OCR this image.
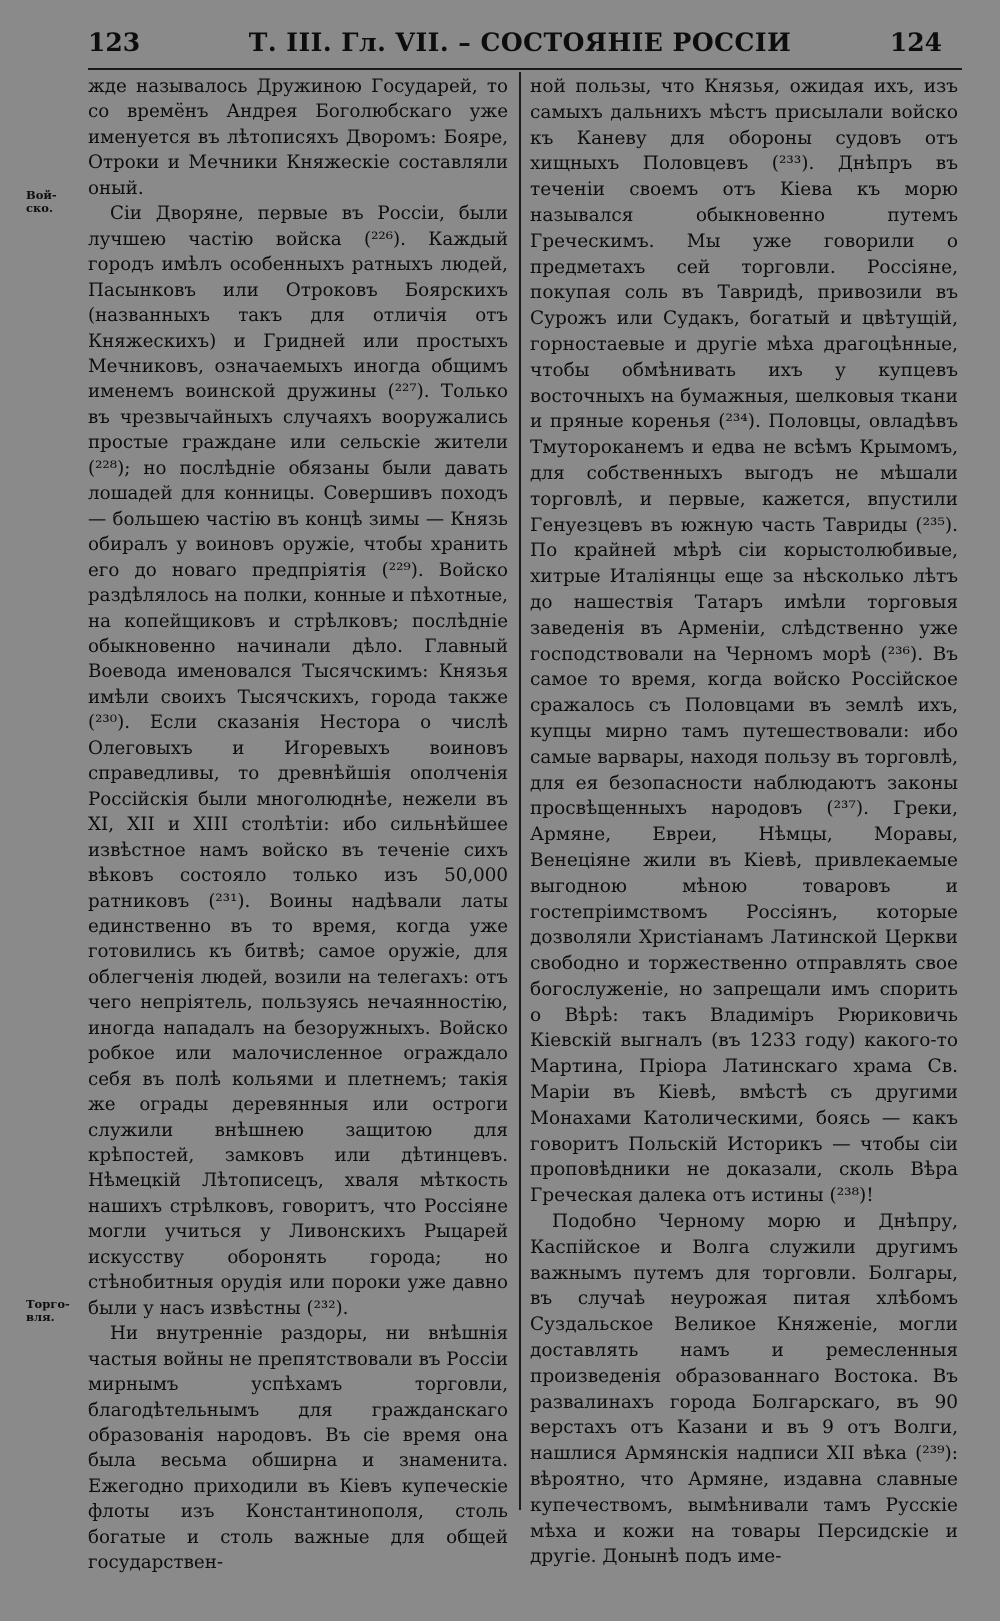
123	Т. III. Гл. VII. – СОСТОЯНІЕ РОССІИ	124
Вой-
ско.
Торго-
вля.

жде называлось Дружиною Государей, то со времёнъ Андрея Боголюбскаго уже именуется въ лѣтописяхъ Дворомъ: Бояре, Отроки и Мечники Княжескіе составляли оный.

Сіи Дворяне, первые въ Россіи, были лучшею частію войска (²²⁶). Каждый городъ имѣлъ особенныхъ ратныхъ людей, Пасынковъ или Отроковъ Боярскихъ (названныхъ такъ для отличія отъ Княжескихъ) и Гридней или простыхъ Мечниковъ, означаемыхъ иногда общимъ именемъ воинской дружины (²²⁷). Только въ чрезвычайныхъ случаяхъ вооружались простые граждане или сельскіе жители (²²⁸); но послѣдніе обязаны были давать лошадей для конницы. Совершивъ походъ — большею частію въ концѣ зимы — Князь обиралъ у воиновъ оружіе, чтобы хранить его до новаго предпріятія (²²⁹). Войско раздѣлялось на полки, конные и пѣхотные, на копейщиковъ и стрѣлковъ; послѣдніе обыкновенно начинали дѣло. Главный Воевода именовался Тысячскимъ: Князья имѣли своихъ Тысячскихъ, города также (²³⁰). Если сказанія Нестора о числѣ Олеговыхъ и Игоревыхъ воиновъ справедливы, то древнѣйшія ополченія Россійскія были многолюднѣе, нежели въ XI, XII и XIII столѣтіи: ибо сильнѣйшее извѣстное намъ войско въ теченіе сихъ вѣковъ состояло только изъ 50,000 ратниковъ (²³¹). Воины надѣвали латы единственно въ то время, когда уже готовились къ битвѣ; самое оружіе, для облегченія людей, возили на телегахъ: отъ чего непріятель, пользуясь нечаянностію, иногда нападалъ на безоружныхъ. Войско робкое или малочисленное ограждало себя въ полѣ кольями и плетнемъ; такія же ограды деревянныя или остроги служили внѣшнею защитою для крѣпостей, замковъ или дѣтинцевъ. Нѣмецкій Лѣтописецъ, хваля мѣткость нашихъ стрѣлковъ, говоритъ, что Россіяне могли учиться у Ливонскихъ Рыцарей искусству обоpонять города; но стѣнобитныя орудія или пороки уже давно были у насъ извѣстны (²³²).

Ни внутренніе раздоры, ни внѣшнія частыя войны не препятствовали въ Россіи мирнымъ успѣхамъ торговли, благодѣтельнымъ для гражданскаго образованія народовъ. Въ сіе время она была весьма обширна и знаменита. Ежегодно приходили въ Кіевъ купеческіе флоты изъ Константинополя, столь богатые и столь важные для общей государствен-

ной пользы, что Князья, ожидая ихъ, изъ самыхъ дальнихъ мѣстъ присылали войско къ Каневу для обороны судовъ отъ хищныхъ Половцевъ (²³³). Днѣпръ въ теченіи своемъ отъ Кіева къ морю назывался обыкновенно путемъ Греческимъ. Мы уже говорили о предметахъ сей торговли. Россіяне, покупая соль въ Тавридѣ, привозили въ Сурожъ или Судакъ, богатый и цвѣтущій, горностаевые и другіе мѣха драгоцѣнные, чтобы обмѣнивать ихъ у купцевъ восточныхъ на бумажныя, шелковыя ткани и пряные коренья (²³⁴). Половцы, овладѣвъ Тмутороканемъ и едва не всѣмъ Крымомъ, для собственныхъ выгодъ не мѣшали торговлѣ, и первые, кажется, впустили Генуезцевъ въ южную часть Тавриды (²³⁵). По крайней мѣрѣ сіи корыстолюбивые, хитрые Италіянцы еще за нѣсколько лѣтъ до нашествія Татаръ имѣли торговыя заведенія въ Арменіи, слѣдственно уже господствовали на Черномъ морѣ (²³⁶). Въ самое то время, когда войско Россійское сражалось съ Половцами въ землѣ ихъ, купцы мирно тамъ путешествовали: ибо самые варвары, находя пользу въ торговлѣ, для ея безопасности наблюдаютъ законы просвѣщенныхъ народовъ (²³⁷). Греки, Армяне, Евреи, Нѣмцы, Моравы, Венеціяне жили въ Кіевѣ, привлекаемые выгодною мѣною товаровъ и гостепріимствомъ Россіянъ, которые дозволяли Христіанамъ Латинской Церкви свободно и торжественно отправлять свое богослуженіе, но запрещали имъ спорить о Вѣрѣ: такъ Владиміръ Рюриковичь Кіевскій выгналъ (въ 1233 году) какого-то Мартина, Пріора Латинскаго храма Св. Маріи въ Кіевѣ, вмѣстѣ съ другими Монахами Католическими, боясь — какъ говоритъ Польскій Историкъ — чтобы сіи проповѣдники не доказали, сколь Вѣра Греческая далека отъ истины (²³⁸)!

Подобно Черному морю и Днѣпру, Каспійское и Волга служили другимъ важнымъ путемъ для торговли. Болгары, въ случаѣ неурожая питая хлѣбомъ Суздальское Великое Княженіе, могли доставлять намъ и ремесленныя произведенія образованнаго Востока. Въ развалинахъ города Болгарскаго, въ 90 верстахъ отъ Казани и въ 9 отъ Волги, нашлися Армянскія надписи XII вѣка (²³⁹): вѣроятно, что Армяне, издавна славные купечествомъ, вымѣнивали тамъ Русскіе мѣха и кожи на товары Персидскіе и другіе. Донынѣ подъ име-
